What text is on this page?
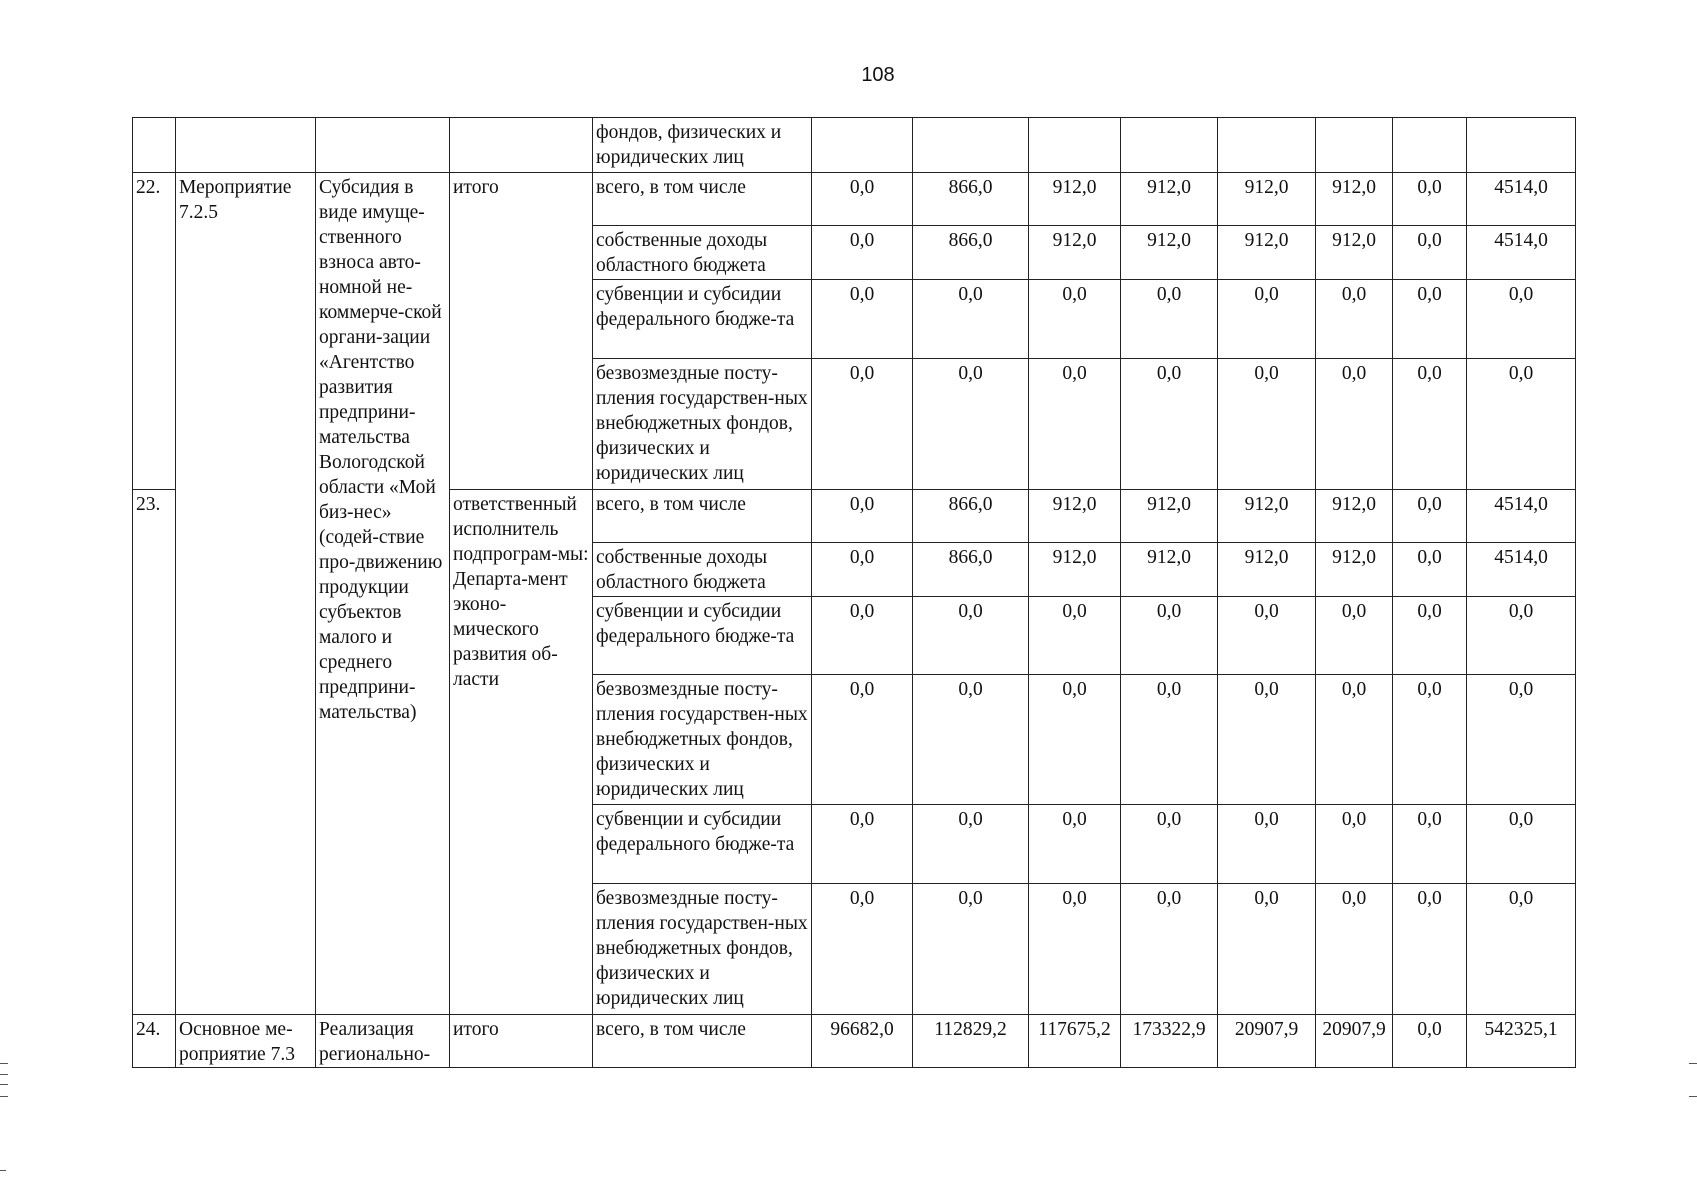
108
				фондов, физических и юридических лиц								
22.	Мероприятие 7.2.5	Субсидия в виде имуще-ственного взноса авто-номной не-коммерче-ской органи-зации «Агентство развития предприни-мательства Вологодской области «Мой биз-нес» (содей-ствие про-движению продукции субъектов малого и среднего предприни-мательства)	итого	всего, в том числе	0,0	866,0	912,0	912,0	912,0	912,0	0,0	4514,0
				собственные доходы областного бюджета	0,0	866,0	912,0	912,0	912,0	912,0	0,0	4514,0
				субвенции и субсидии федерального бюдже-та	0,0	0,0	0,0	0,0	0,0	0,0	0,0	0,0
				безвозмездные посту-пления государствен-ных внебюджетных фондов, физических и юридических лиц	0,0	0,0	0,0	0,0	0,0	0,0	0,0	0,0
23.			ответственный исполнитель подпрограм-мы: Департа-мент эконо-мического развития об-ласти	всего, в том числе	0,0	866,0	912,0	912,0	912,0	912,0	0,0	4514,0
				собственные доходы областного бюджета	0,0	866,0	912,0	912,0	912,0	912,0	0,0	4514,0
				субвенции и субсидии федерального бюдже-та	0,0	0,0	0,0	0,0	0,0	0,0	0,0	0,0
				безвозмездные посту-пления государствен-ных внебюджетных фондов, физических и юридических лиц	0,0	0,0	0,0	0,0	0,0	0,0	0,0	0,0
				субвенции и субсидии федерального бюдже-та	0,0	0,0	0,0	0,0	0,0	0,0	0,0	0,0
				безвозмездные посту-пления государствен-ных внебюджетных фондов, физических и юридических лиц	0,0	0,0	0,0	0,0	0,0	0,0	0,0	0,0
24.	Основное ме-роприятие 7.3	Реализация регионально-	итого	всего, в том числе	96682,0	112829,2	117675,2	173322,9	20907,9	20907,9	0,0	542325,1
